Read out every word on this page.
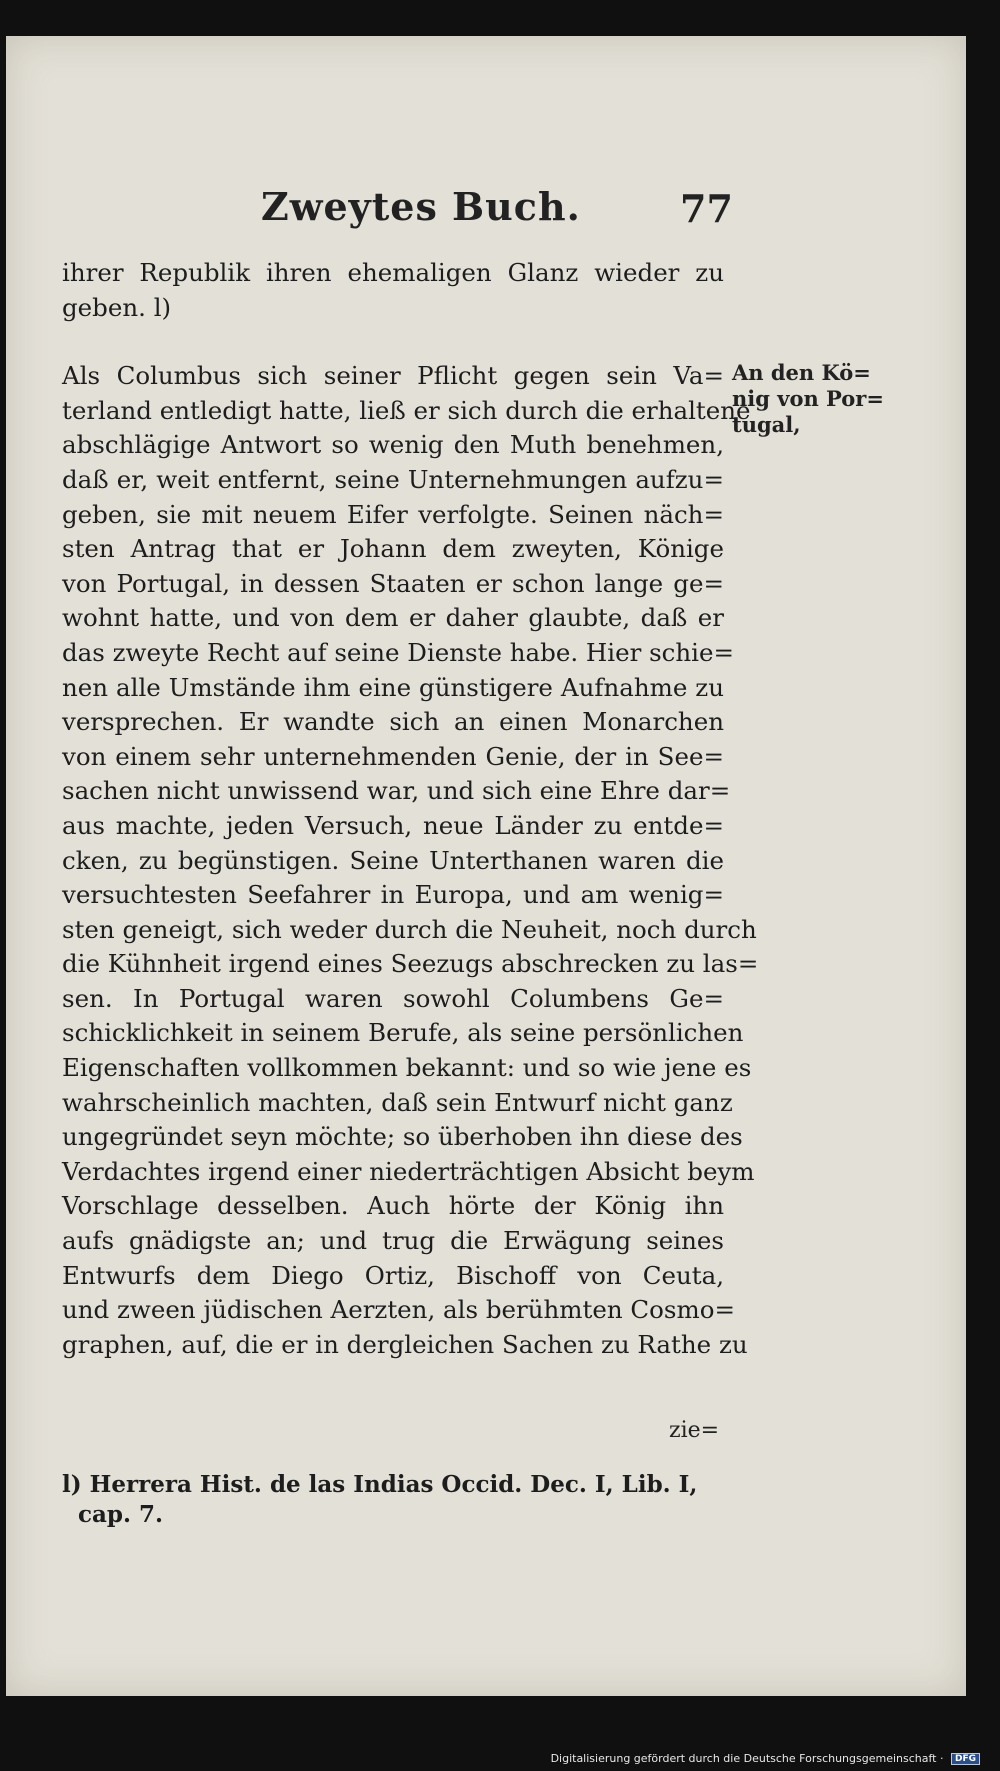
Zweytes Buch.	77
ihrer Republik ihren ehemaligen Glanz wieder zu
geben. l)
Als Columbus sich seiner Pflicht gegen sein Va=
terland entledigt hatte, ließ er sich durch die erhaltene
abschlägige Antwort so wenig den Muth benehmen,
daß er, weit entfernt, seine Unternehmungen aufzu=
geben, sie mit neuem Eifer verfolgte. Seinen näch=
sten Antrag that er Johann dem zweyten, Könige
von Portugal, in dessen Staaten er schon lange ge=
wohnt hatte, und von dem er daher glaubte, daß er
das zweyte Recht auf seine Dienste habe. Hier schie=
nen alle Umstände ihm eine günstigere Aufnahme zu
versprechen. Er wandte sich an einen Monarchen
von einem sehr unternehmenden Genie, der in See=
sachen nicht unwissend war, und sich eine Ehre dar=
aus machte, jeden Versuch, neue Länder zu entde=
cken, zu begünstigen. Seine Unterthanen waren die
versuchtesten Seefahrer in Europa, und am wenig=
sten geneigt, sich weder durch die Neuheit, noch durch
die Kühnheit irgend eines Seezugs abschrecken zu las=
sen. In Portugal waren sowohl Columbens Ge=
schicklichkeit in seinem Berufe, als seine persönlichen
Eigenschaften vollkommen bekannt: und so wie jene es
wahrscheinlich machten, daß sein Entwurf nicht ganz
ungegründet seyn möchte; so überhoben ihn diese des
Verdachtes irgend einer niederträchtigen Absicht beym
Vorschlage desselben. Auch hörte der König ihn
aufs gnädigste an; und trug die Erwägung seines
Entwurfs dem Diego Ortiz, Bischoff von Ceuta,
und zween jüdischen Aerzten, als berühmten Cosmo=
graphen, auf, die er in dergleichen Sachen zu Rathe zu
An den Kö=
nig von Por=
tugal,
zie=
l) Herrera Hist. de las Indias Occid. Dec. I, Lib. I,
cap. 7.
Digitalisierung gefördert durch die Deutsche Forschungsgemeinschaft · DFG
